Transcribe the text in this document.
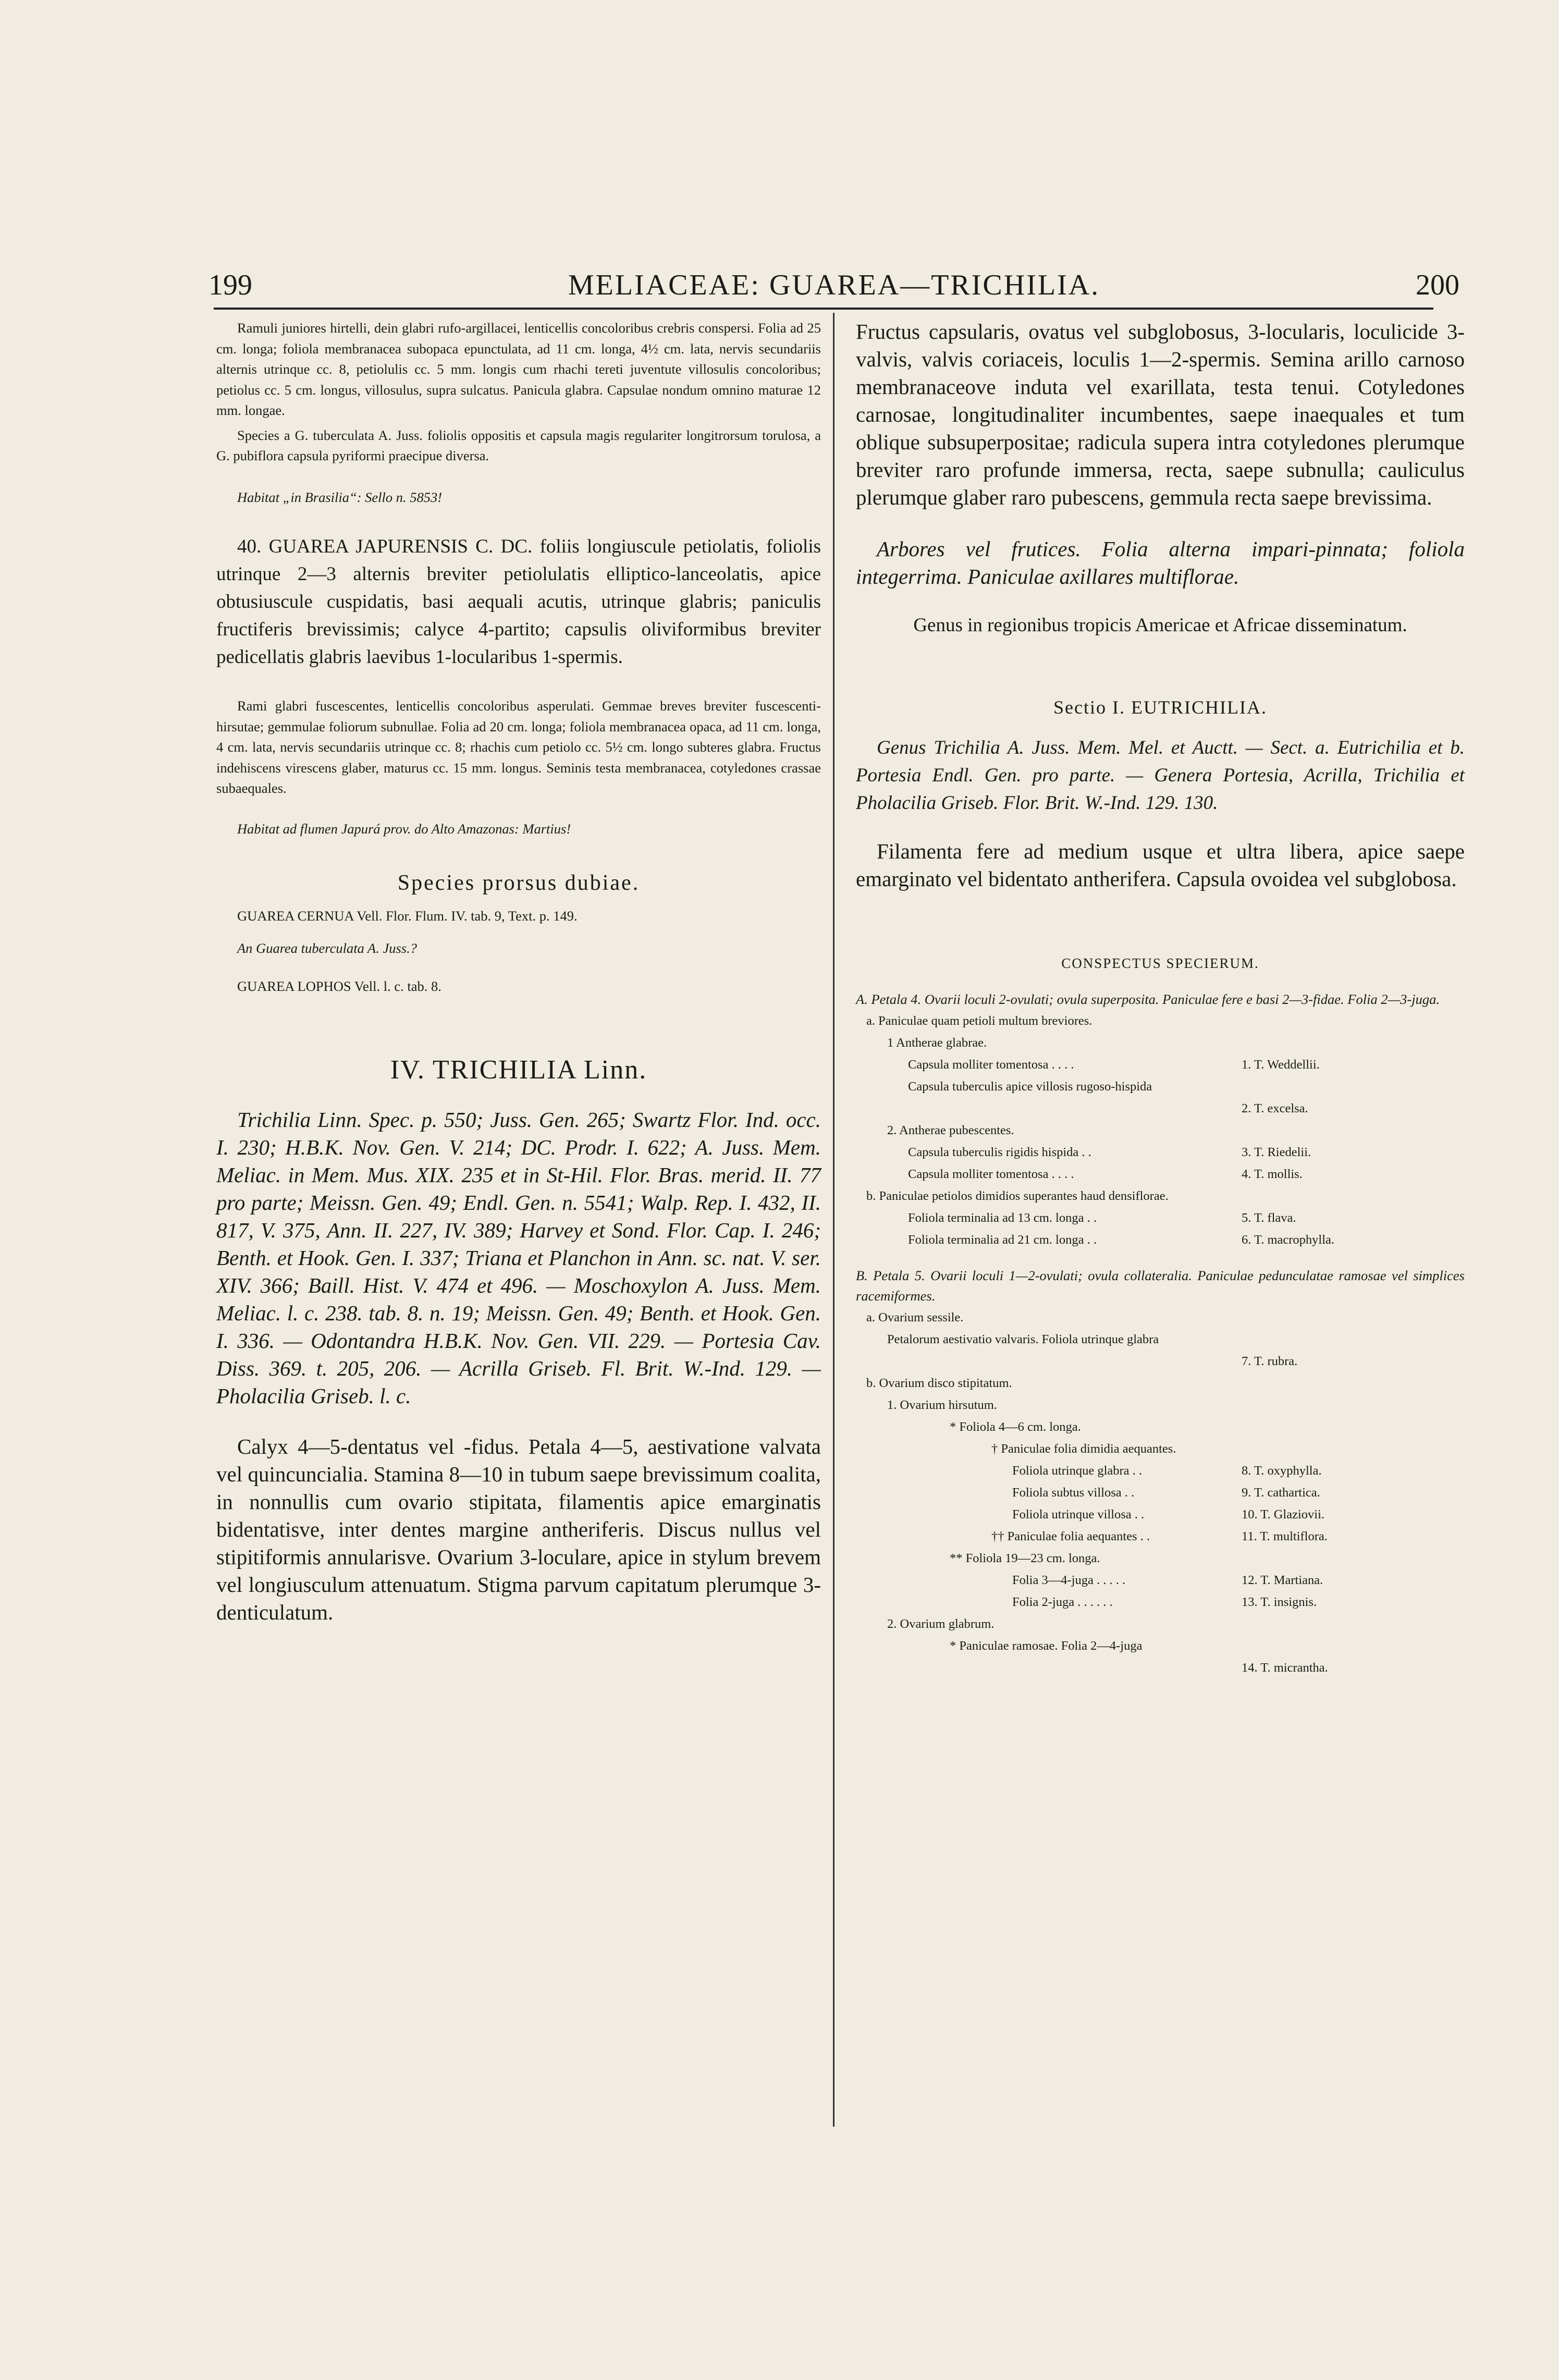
199	MELIACEAE: GUAREA—TRICHILIA.	200

Ramuli juniores hirtelli, dein glabri rufo-argillacei, lenticellis concoloribus crebris conspersi. Folia ad 25 cm. longa; foliola membranacea subopaca epunctulata, ad 11 cm. longa, 4½ cm. lata, nervis secundariis alternis utrinque cc. 8, petiolulis cc. 5 mm. longis cum rhachi tereti juventute villosulis concoloribus; petiolus cc. 5 cm. longus, villosulus, supra sulcatus. Panicula glabra. Capsulae nondum omnino maturae 12 mm. longae.

Species a G. tuberculata A. Juss. foliolis oppositis et capsula magis regulariter longitrorsum torulosa, a G. pubiflora capsula pyriformi praecipue diversa.

Habitat „in Brasilia“: Sello n. 5853!

40. GUAREA JAPURENSIS C. DC. foliis longiuscule petiolatis, foliolis utrinque 2—3 alternis breviter petiolulatis elliptico-lanceolatis, apice obtusiuscule cuspidatis, basi aequali acutis, utrinque glabris; paniculis fructiferis brevissimis; calyce 4-partito; capsulis oliviformibus breviter pedicellatis glabris laevibus 1-locularibus 1-spermis.

Rami glabri fuscescentes, lenticellis concoloribus asperulati. Gemmae breves breviter fuscescenti-hirsutae; gemmulae foliorum subnullae. Folia ad 20 cm. longa; foliola membranacea opaca, ad 11 cm. longa, 4 cm. lata, nervis secundariis utrinque cc. 8; rhachis cum petiolo cc. 5½ cm. longo subteres glabra. Fructus indehiscens virescens glaber, maturus cc. 15 mm. longus. Seminis testa membranacea, cotyledones crassae subaequales.

Habitat ad flumen Japurá prov. do Alto Amazonas: Martius!

Species prorsus dubiae.

GUAREA CERNUA Vell. Flor. Flum. IV. tab. 9, Text. p. 149.

An Guarea tuberculata A. Juss.?

GUAREA LOPHOS Vell. l. c. tab. 8.

IV. TRICHILIA Linn.

Trichilia Linn. Spec. p. 550; Juss. Gen. 265; Swartz Flor. Ind. occ. I. 230; H.B.K. Nov. Gen. V. 214; DC. Prodr. I. 622; A. Juss. Mem. Meliac. in Mem. Mus. XIX. 235 et in St-Hil. Flor. Bras. merid. II. 77 pro parte; Meissn. Gen. 49; Endl. Gen. n. 5541; Walp. Rep. I. 432, II. 817, V. 375, Ann. II. 227, IV. 389; Harvey et Sond. Flor. Cap. I. 246; Benth. et Hook. Gen. I. 337; Triana et Planchon in Ann. sc. nat. V. ser. XIV. 366; Baill. Hist. V. 474 et 496. — Moschoxylon A. Juss. Mem. Meliac. l. c. 238. tab. 8. n. 19; Meissn. Gen. 49; Benth. et Hook. Gen. I. 336. — Odontandra H.B.K. Nov. Gen. VII. 229. — Portesia Cav. Diss. 369. t. 205, 206. — Acrilla Griseb. Fl. Brit. W.-Ind. 129. — Pholacilia Griseb. l. c.

Calyx 4—5-dentatus vel -fidus. Petala 4—5, aestivatione valvata vel quincuncialia. Stamina 8—10 in tubum saepe brevissimum coalita, in nonnullis cum ovario stipitata, filamentis apice emarginatis bidentatisve, inter dentes margine antheriferis. Discus nullus vel stipitiformis annularisve. Ovarium 3-loculare, apice in stylum brevem vel longiusculum attenuatum. Stigma parvum capitatum plerumque 3-denticulatum.

Fructus capsularis, ovatus vel subglobosus, 3-locularis, loculicide 3-valvis, valvis coriaceis, loculis 1—2-spermis. Semina arillo carnoso membranaceove induta vel exarillata, testa tenui. Cotyledones carnosae, longitudinaliter incumbentes, saepe inaequales et tum oblique subsuperpositae; radicula supera intra cotyledones plerumque breviter raro profunde immersa, recta, saepe subnulla; cauliculus plerumque glaber raro pubescens, gemmula recta saepe brevissima.

Arbores vel frutices. Folia alterna impari-pinnata; foliola integerrima. Paniculae axillares multiflorae.

Genus in regionibus tropicis Americae et Africae disseminatum.

Sectio I. EUTRICHILIA.

Genus Trichilia A. Juss. Mem. Mel. et Auctt. — Sect. a. Eutrichilia et b. Portesia Endl. Gen. pro parte. — Genera Portesia, Acrilla, Trichilia et Pholacilia Griseb. Flor. Brit. W.-Ind. 129. 130.

Filamenta fere ad medium usque et ultra libera, apice saepe emarginato vel bidentato antherifera. Capsula ovoidea vel subglobosa.

CONSPECTUS SPECIERUM.

A. Petala 4. Ovarii loculi 2-ovulati; ovula superposita. Paniculae fere e basi 2—3-fidae. Folia 2—3-juga.

a. Paniculae quam petioli multum breviores.
1 Antherae glabrae.
Capsula molliter tomentosa . . . .	1. T. Weddellii.
Capsula tuberculis apice villosis rugoso-hispida
2. T. excelsa.
2. Antherae pubescentes.
Capsula tuberculis rigidis hispida . .	3. T. Riedelii.
Capsula molliter tomentosa . . . .	4. T. mollis.
b. Paniculae petiolos dimidios superantes haud densiflorae.
Foliola terminalia ad 13 cm. longa . .	5. T. flava.
Foliola terminalia ad 21 cm. longa . .	6. T. macrophylla.

B. Petala 5. Ovarii loculi 1—2-ovulati; ovula collateralia. Paniculae pedunculatae ramosae vel simplices racemiformes.

a. Ovarium sessile.
Petalorum aestivatio valvaris. Foliola utrinque glabra
7. T. rubra.
b. Ovarium disco stipitatum.
1. Ovarium hirsutum.
* Foliola 4—6 cm. longa.
† Paniculae folia dimidia aequantes.
Foliola utrinque glabra . .	8. T. oxyphylla.
Foliola subtus villosa . .	9. T. cathartica.
Foliola utrinque villosa . .	10. T. Glaziovii.
†† Paniculae folia aequantes . .	11. T. multiflora.
** Foliola 19—23 cm. longa.
Folia 3—4-juga . . . . .	12. T. Martiana.
Folia 2-juga . . . . . .	13. T. insignis.
2. Ovarium glabrum.
* Paniculae ramosae. Folia 2—4-juga
14. T. micrantha.
